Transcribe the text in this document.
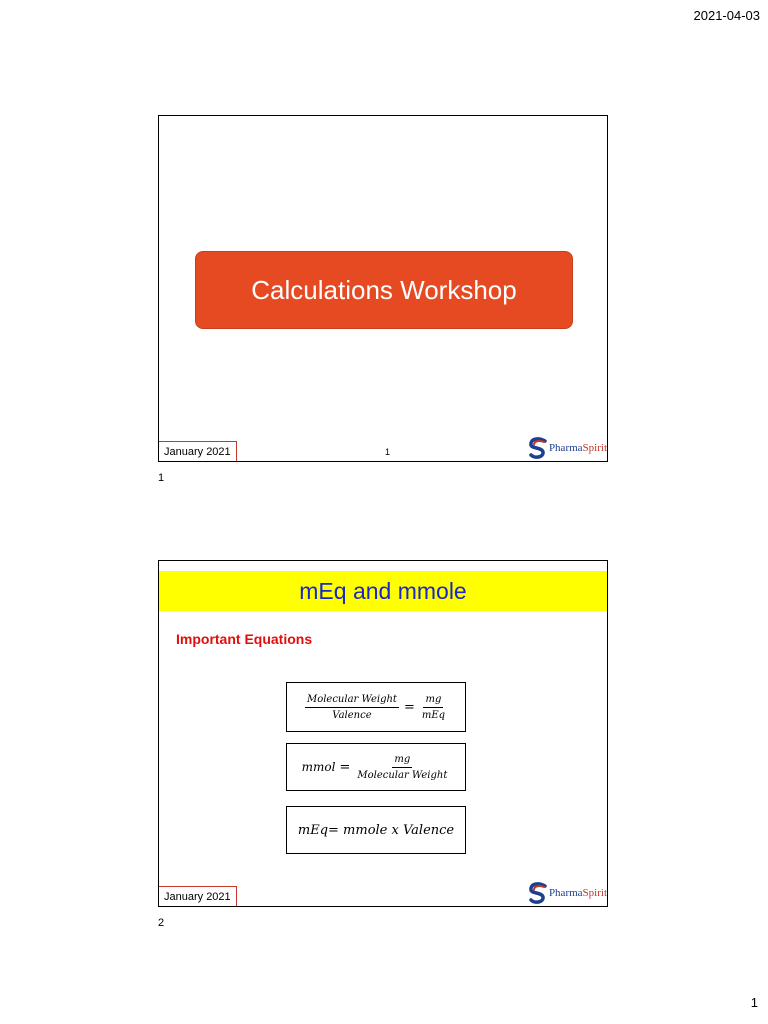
2021-04-03
Calculations Workshop
January 2021	1	PharmaSpirit
1
mEq and mmole
Important Equations
$\frac{\text{Molecular Weight}}{\text{Valence}} = \frac{mg}{\text{mEq}}$
mmol = $\frac{mg}{\text{Molecular Weight}}$
mEq= mmole x Valence
January 2021	PharmaSpirit
2
1
